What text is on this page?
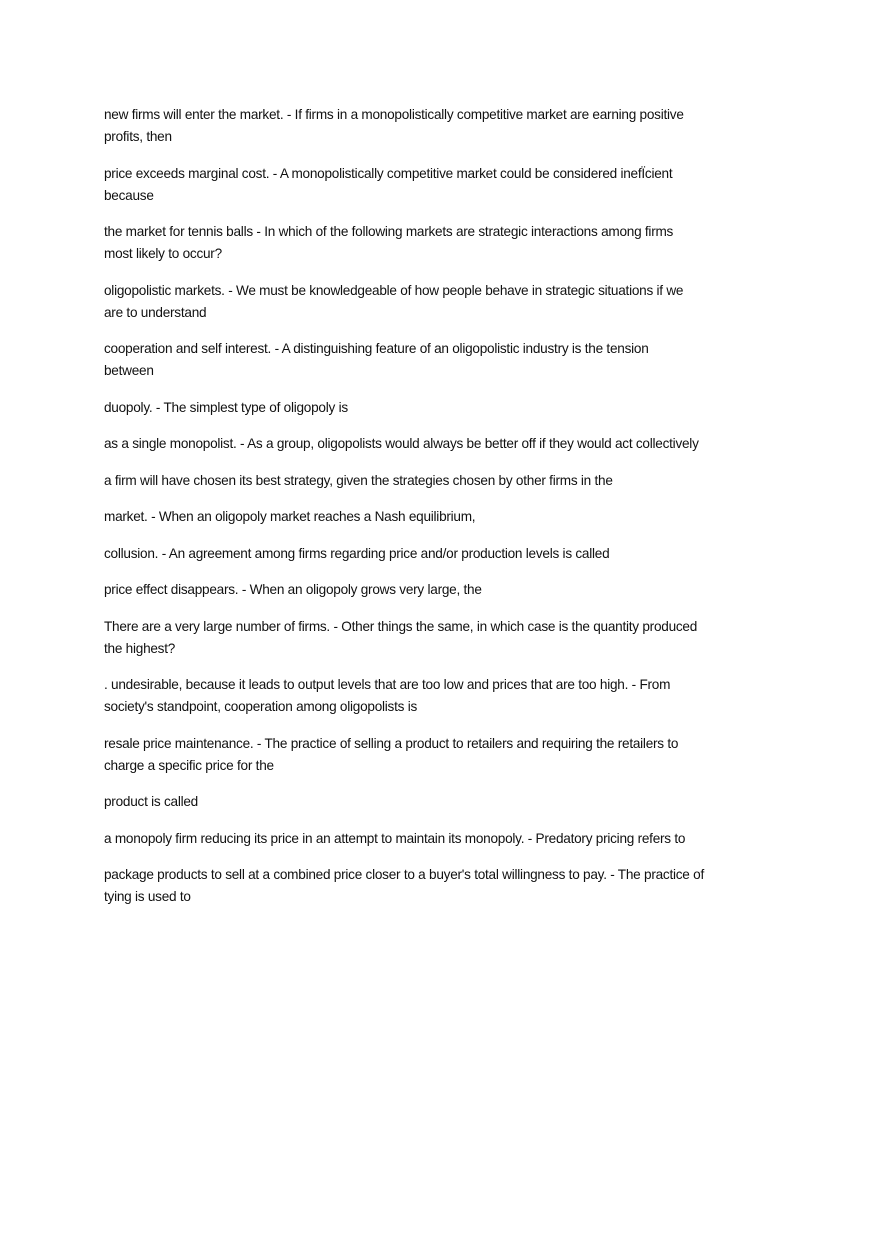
new firms will enter the market. - If firms in a monopolistically competitive market are earning positive
profits, then
price exceeds marginal cost. - A monopolistically competitive market could be considered inefÏcient
because
the market for tennis balls - In which of the following markets are strategic interactions among firms
most likely to occur?
oligopolistic markets. - We must be knowledgeable of how people behave in strategic situations if we
are to understand
cooperation and self interest. - A distinguishing feature of an oligopolistic industry is the tension
between
duopoly. - The simplest type of oligopoly is
as a single monopolist. - As a group, oligopolists would always be better off if they would act collectively
a firm will have chosen its best strategy, given the strategies chosen by other firms in the
market. - When an oligopoly market reaches a Nash equilibrium,
collusion. - An agreement among firms regarding price and/or production levels is called
price effect disappears. - When an oligopoly grows very large, the
There are a very large number of firms. - Other things the same, in which case is the quantity produced
the highest?
. undesirable, because it leads to output levels that are too low and prices that are too high. - From
society's standpoint, cooperation among oligopolists is
resale price maintenance. - The practice of selling a product to retailers and requiring the retailers to
charge a specific price for the
product is called
a monopoly firm reducing its price in an attempt to maintain its monopoly. - Predatory pricing refers to
package products to sell at a combined price closer to a buyer's total willingness to pay. - The practice of
tying is used to
